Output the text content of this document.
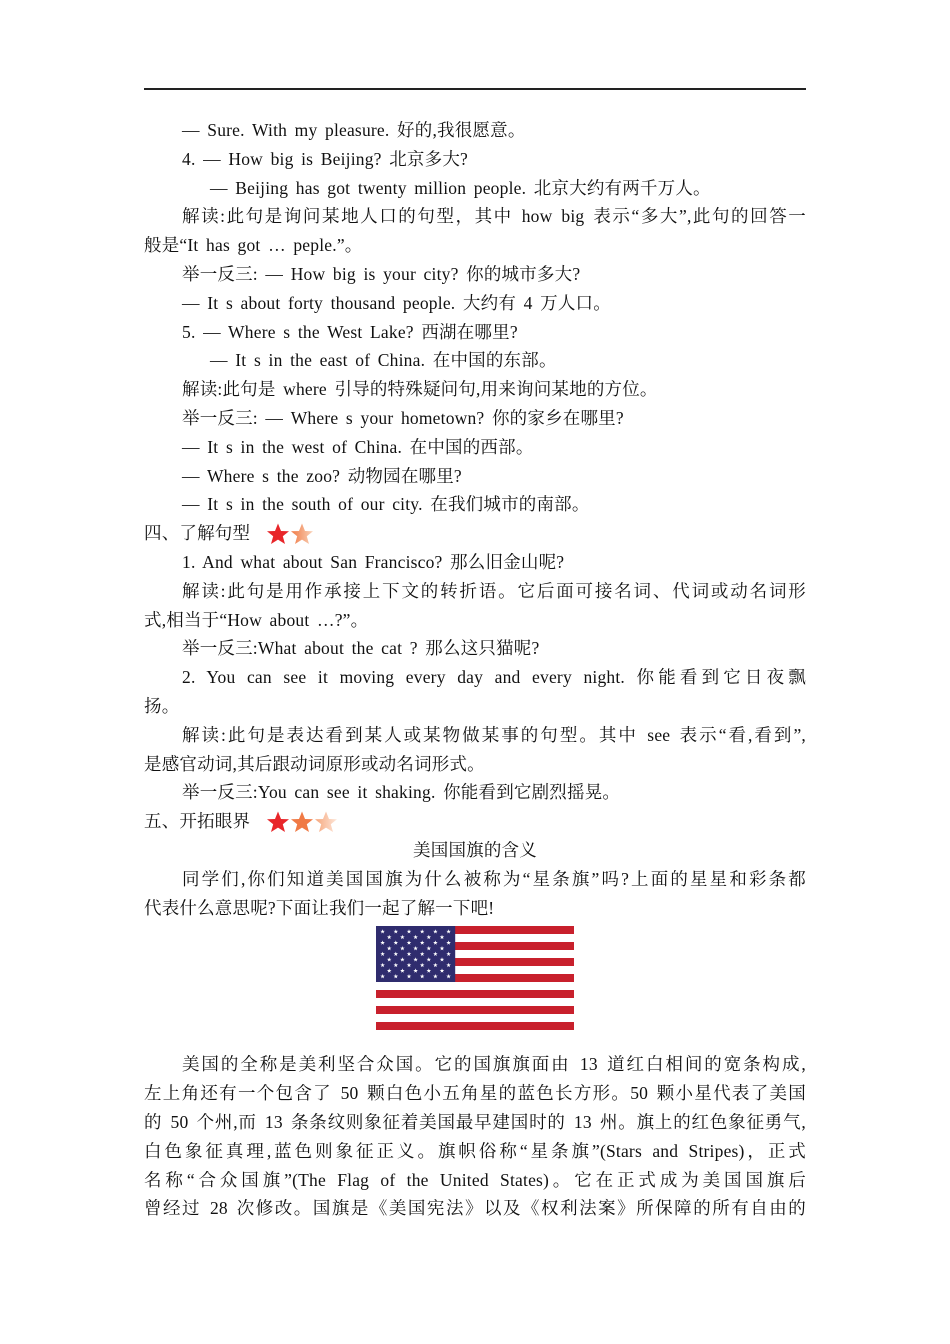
— Sure. With my pleasure. 好的,我很愿意。
4. — How big is Beijing? 北京多大?
— Beijing has got twenty million people. 北京大约有两千万人。
解读:此句是询问某地人口的句型，其中 how big 表示“多大”,此句的回答一
般是“It has got … peple.”。
举一反三: — How big is your city? 你的城市多大?
— It s about forty thousand people. 大约有 4 万人口。
5. — Where s the West Lake? 西湖在哪里?
— It s in the east of China. 在中国的东部。
解读:此句是 where 引导的特殊疑问句,用来询问某地的方位。
举一反三: — Where s your hometown? 你的家乡在哪里?
— It s in the west of China. 在中国的西部。
— Where s the zoo? 动物园在哪里?
— It s in the south of our city. 在我们城市的南部。
四、了解句型
1. And what about San Francisco? 那么旧金山呢?
解读:此句是用作承接上下文的转折语。它后面可接名词、代词或动名词形
式,相当于“How about …?”。
举一反三:What about the cat ? 那么这只猫呢?
2. You can see it moving every day and every night. 你能看到它日夜飘
扬。
解读:此句是表达看到某人或某物做某事的句型。其中 see 表示“看,看到”,
是感官动词,其后跟动词原形或动名词形式。
举一反三:You can see it shaking. 你能看到它剧烈摇晃。
五、开拓眼界
美国国旗的含义
同学们,你们知道美国国旗为什么被称为“星条旗”吗?上面的星星和彩条都
代表什么意思呢?下面让我们一起了解一下吧!
美国的全称是美利坚合众国。它的国旗旗面由 13 道红白相间的宽条构成,
左上角还有一个包含了 50 颗白色小五角星的蓝色长方形。50 颗小星代表了美国
的 50 个州,而 13 条条纹则象征着美国最早建国时的 13 州。旗上的红色象征勇气,
白色象征真理,蓝色则象征正义。旗帜俗称“星条旗”(Stars and Stripes)，正式
名称“合众国旗”(The Flag of the United States)。它在正式成为美国国旗后
曾经过 28 次修改。国旗是《美国宪法》以及《权利法案》所保障的所有自由的
